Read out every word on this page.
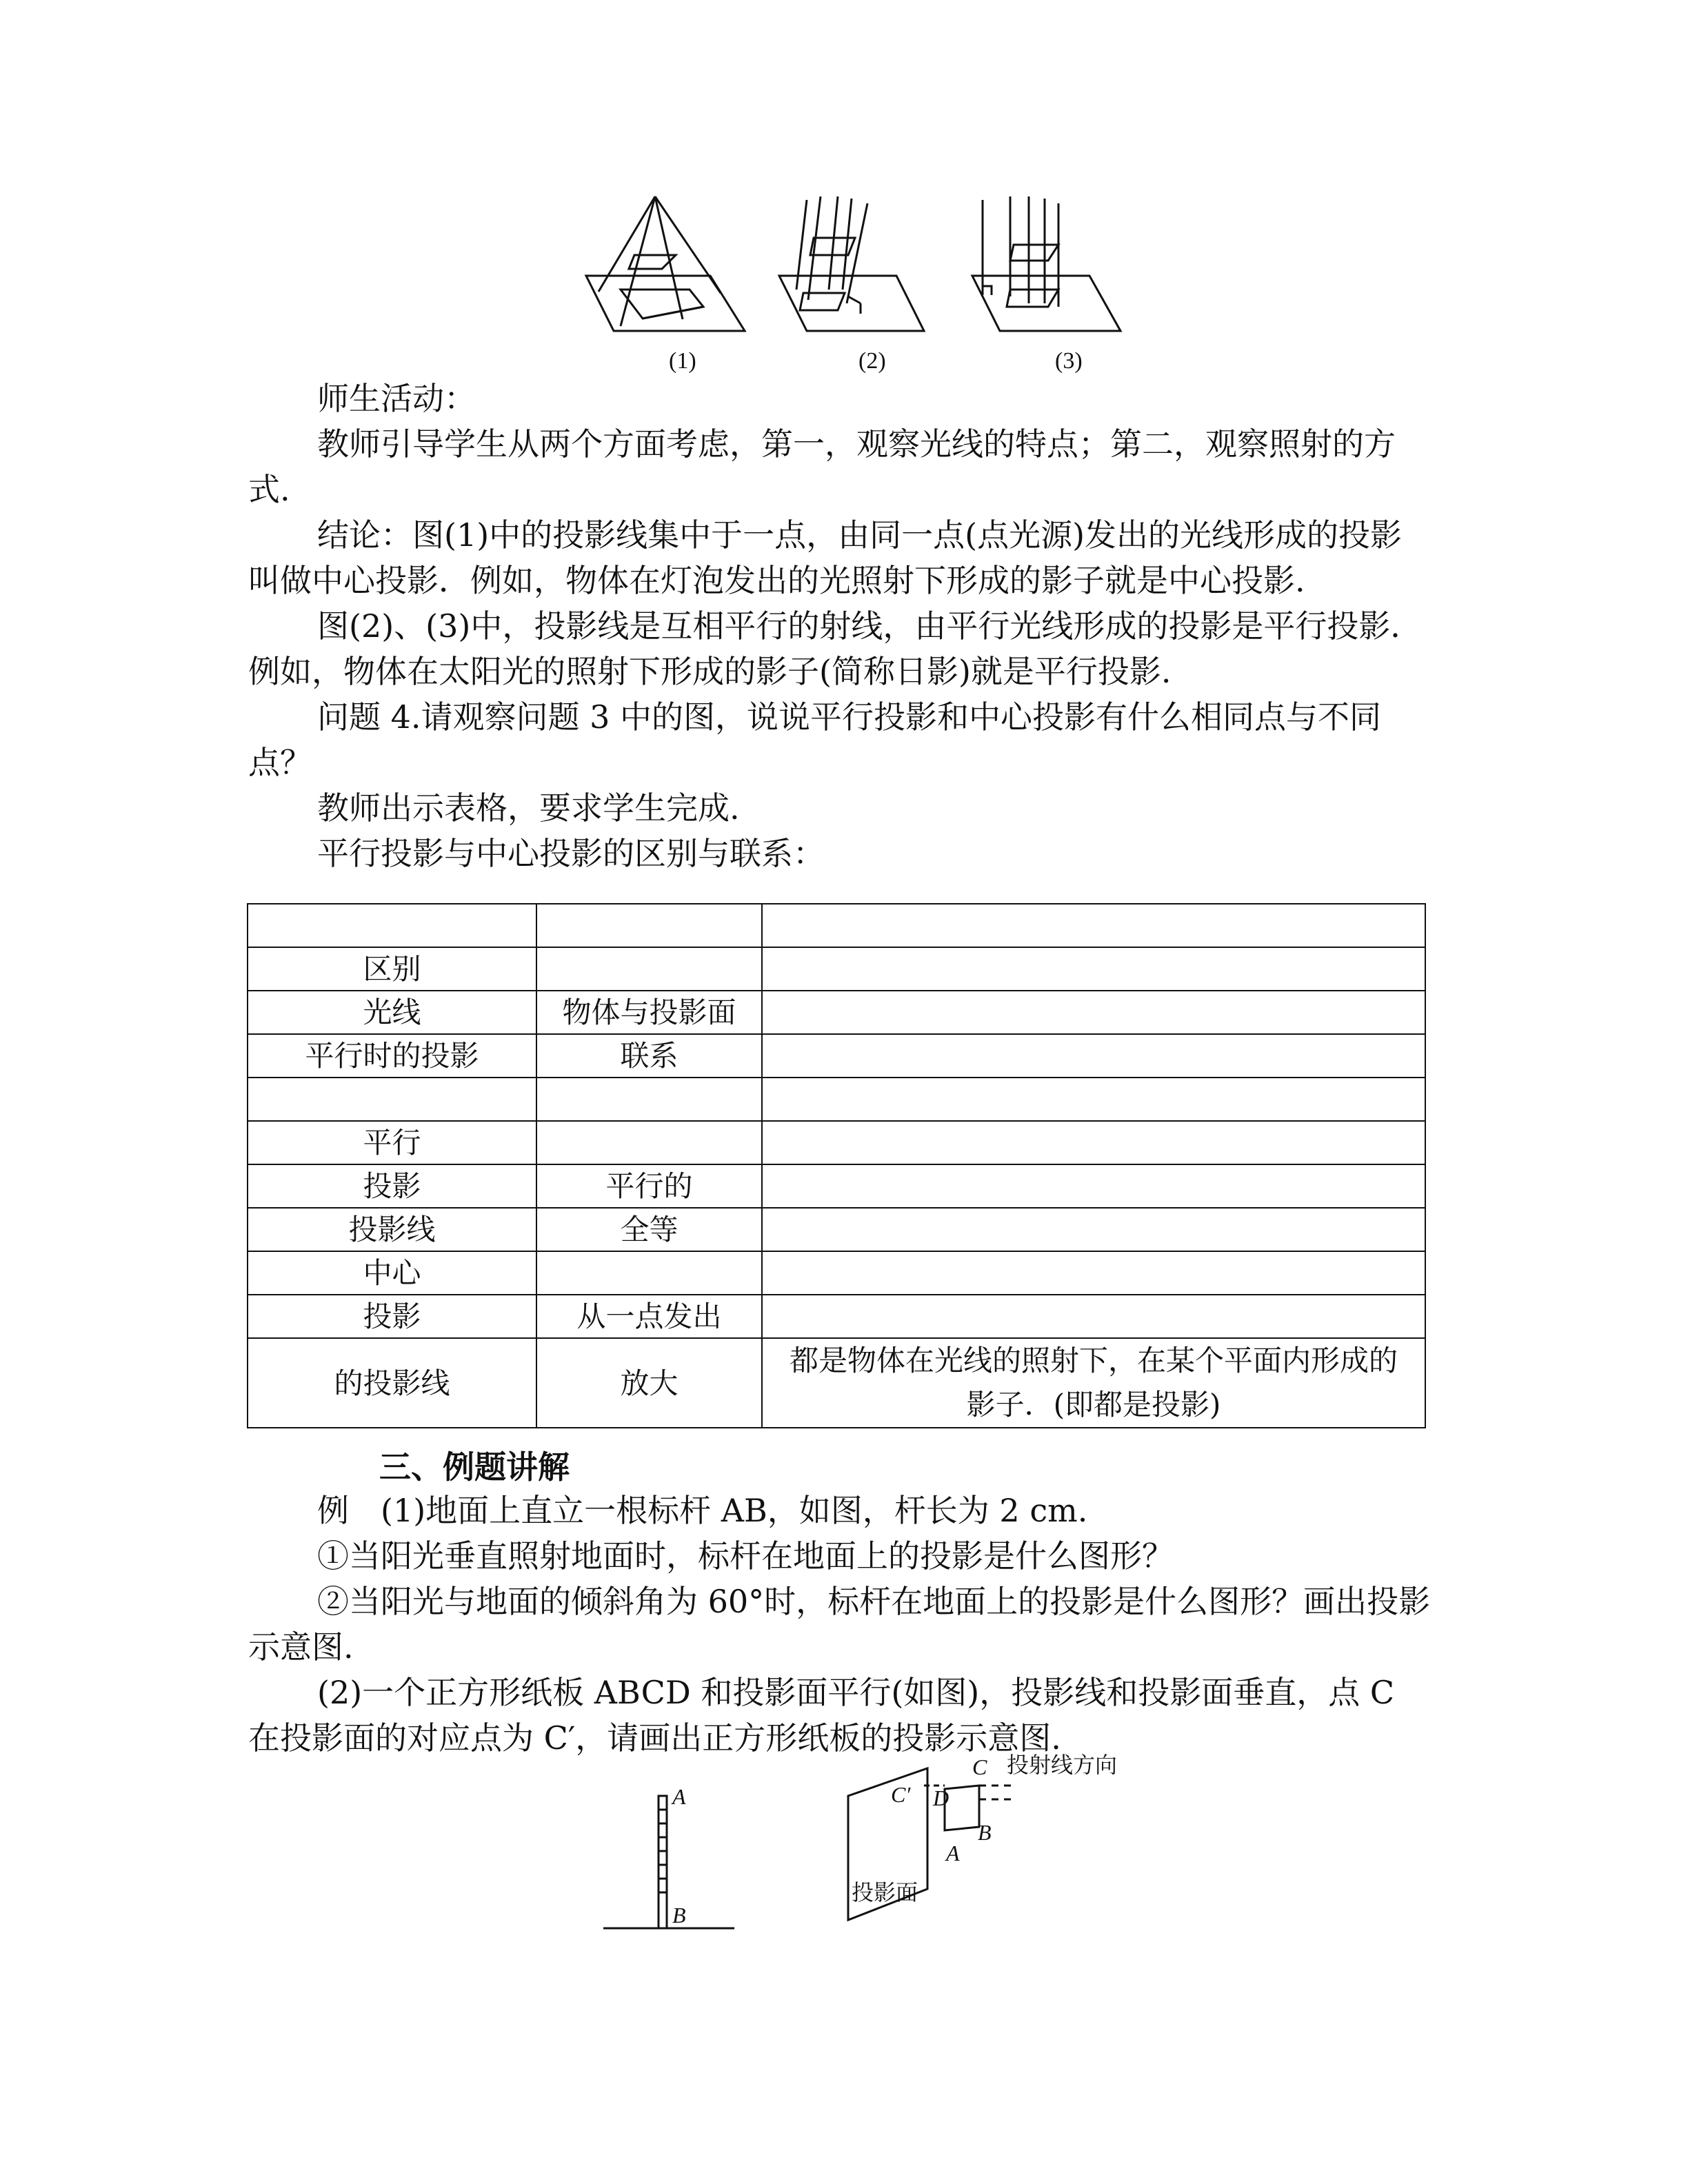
(1)	(2)	(3)

师生活动：

教师引导学生从两个方面考虑，第一，观察光线的特点；第二，观察照射的方式.

结论：图(1)中的投影线集中于一点，由同一点(点光源)发出的光线形成的投影叫做中心投影．例如，物体在灯泡发出的光照射下形成的影子就是中心投影.

图(2)、(3)中，投影线是互相平行的射线，由平行光线形成的投影是平行投影．例如，物体在太阳光的照射下形成的影子(简称日影)就是平行投影.

问题 4.请观察问题 3 中的图，说说平行投影和中心投影有什么相同点与不同点？

教师出示表格，要求学生完成.

平行投影与中心投影的区别与联系：

区别		
光线	物体与投影面	
平行时的投影	联系	

平行		
投影	平行的	
投影线	全等	
中心		
投影	从一点发出	
的投影线	放大	都是物体在光线的照射下，在某个平面内形成的影子．(即都是投影)
三、例题讲解

例　(1)地面上直立一根标杆 AB，如图，杆长为 2 cm.

①当阳光垂直照射地面时，标杆在地面上的投影是什么图形？

②当阳光与地面的倾斜角为 60°时，标杆在地面上的投影是什么图形？画出投影示意图.

(2)一个正方形纸板 ABCD 和投影面平行(如图)，投影线和投影面垂直，点 C 在投影面的对应点为 C′，请画出正方形纸板的投影示意图.

A
B
C′ D
C
B
A
投影面
投射线方向
